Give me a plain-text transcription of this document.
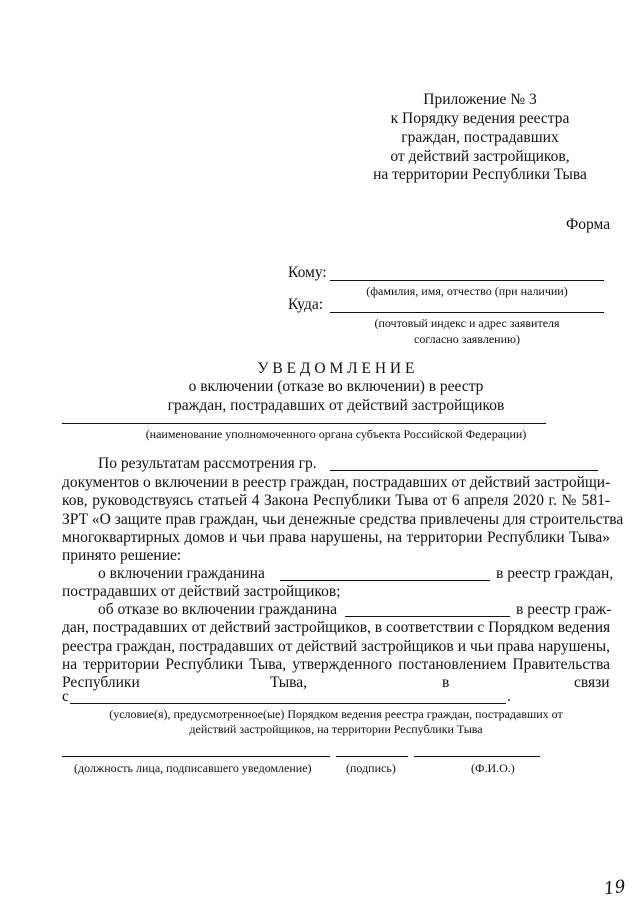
Приложение № 3
к Порядку ведения реестра
граждан, пострадавших
от действий застройщиков,
на территории Республики Тыва
Форма
Кому:
(фамилия, имя, отчество (при наличии)
Куда:
(почтовый индекс и адрес заявителя
согласно заявлению)
У В Е Д О М Л Е Н И Е
о включении (отказе во включении) в реестр
граждан, пострадавших от действий застройщиков
(наименование уполномоченного органа субъекта Российской Федерации)
По результатам рассмотрения гр.
документов о включении в реестр граждан, пострадавших от действий застройщи-
ков, руководствуясь статьей 4 Закона Республики Тыва от 6 апреля 2020 г. № 581-
ЗРТ «О защите прав граждан, чьи денежные средства привлечены для строительства
многоквартирных домов и чьи права нарушены, на территории Республики Тыва»
принято решение:
о включении гражданина	в реестр граждан,
пострадавших от действий застройщиков;
об отказе во включении гражданина	в реестр граж-
дан, пострадавших от действий застройщиков, в соответствии с Порядком ведения
реестра граждан, пострадавших от действий застройщиков и чьи права нарушены,
на территории Республики Тыва, утвержденного постановлением Правительства
Республики	Тыва,	в	связи
с	.
(условие(я), предусмотренное(ые) Порядком ведения реестра граждан, пострадавших от
действий застройщиков, на территории Республики Тыва
(должность лица, подписавшего уведомление)	(подпись)	(Ф.И.О.)
19
